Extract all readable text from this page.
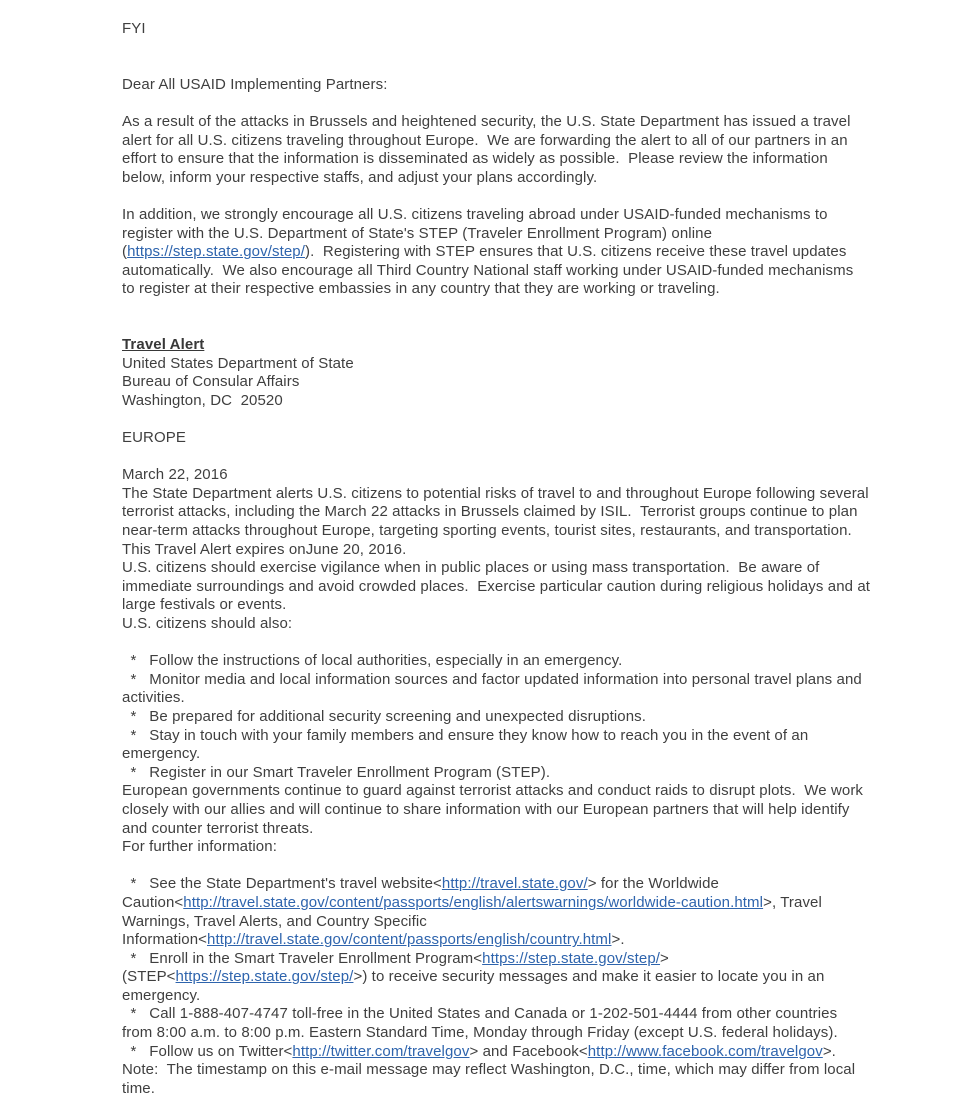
FYI

Dear All USAID Implementing Partners:

As a result of the attacks in Brussels and heightened security, the U.S. State Department has issued a travel
alert for all U.S. citizens traveling throughout Europe.  We are forwarding the alert to all of our partners in an
effort to ensure that the information is disseminated as widely as possible.  Please review the information
below, inform your respective staffs, and adjust your plans accordingly.

In addition, we strongly encourage all U.S. citizens traveling abroad under USAID-funded mechanisms to
register with the U.S. Department of State's STEP (Traveler Enrollment Program) online
(https://step.state.gov/step/).  Registering with STEP ensures that U.S. citizens receive these travel updates
automatically.  We also encourage all Third Country National staff working under USAID-funded mechanisms
to register at their respective embassies in any country that they are working or traveling.

Travel Alert
United States Department of State
Bureau of Consular Affairs
Washington, DC  20520

EUROPE

March 22, 2016
The State Department alerts U.S. citizens to potential risks of travel to and throughout Europe following several
terrorist attacks, including the March 22 attacks in Brussels claimed by ISIL.  Terrorist groups continue to plan
near-term attacks throughout Europe, targeting sporting events, tourist sites, restaurants, and transportation.
This Travel Alert expires onJune 20, 2016.
U.S. citizens should exercise vigilance when in public places or using mass transportation.  Be aware of
immediate surroundings and avoid crowded places.  Exercise particular caution during religious holidays and at
large festivals or events.
U.S. citizens should also:

*   Follow the instructions of local authorities, especially in an emergency.
*   Monitor media and local information sources and factor updated information into personal travel plans and
activities.
*   Be prepared for additional security screening and unexpected disruptions.
*   Stay in touch with your family members and ensure they know how to reach you in the event of an
emergency.
*   Register in our Smart Traveler Enrollment Program (STEP).
European governments continue to guard against terrorist attacks and conduct raids to disrupt plots.  We work
closely with our allies and will continue to share information with our European partners that will help identify
and counter terrorist threats.
For further information:

*   See the State Department's travel website<http://travel.state.gov/> for the Worldwide
Caution<http://travel.state.gov/content/passports/english/alertswarnings/worldwide-caution.html>, Travel
Warnings, Travel Alerts, and Country Specific
Information<http://travel.state.gov/content/passports/english/country.html>.
*   Enroll in the Smart Traveler Enrollment Program<https://step.state.gov/step/>
(STEP<https://step.state.gov/step/>) to receive security messages and make it easier to locate you in an
emergency.
*   Call 1-888-407-4747 toll-free in the United States and Canada or 1-202-501-4444 from other countries
from 8:00 a.m. to 8:00 p.m. Eastern Standard Time, Monday through Friday (except U.S. federal holidays).
*   Follow us on Twitter<http://twitter.com/travelgov> and Facebook<http://www.facebook.com/travelgov>.
Note:  The timestamp on this e-mail message may reflect Washington, D.C., time, which may differ from local
time.
